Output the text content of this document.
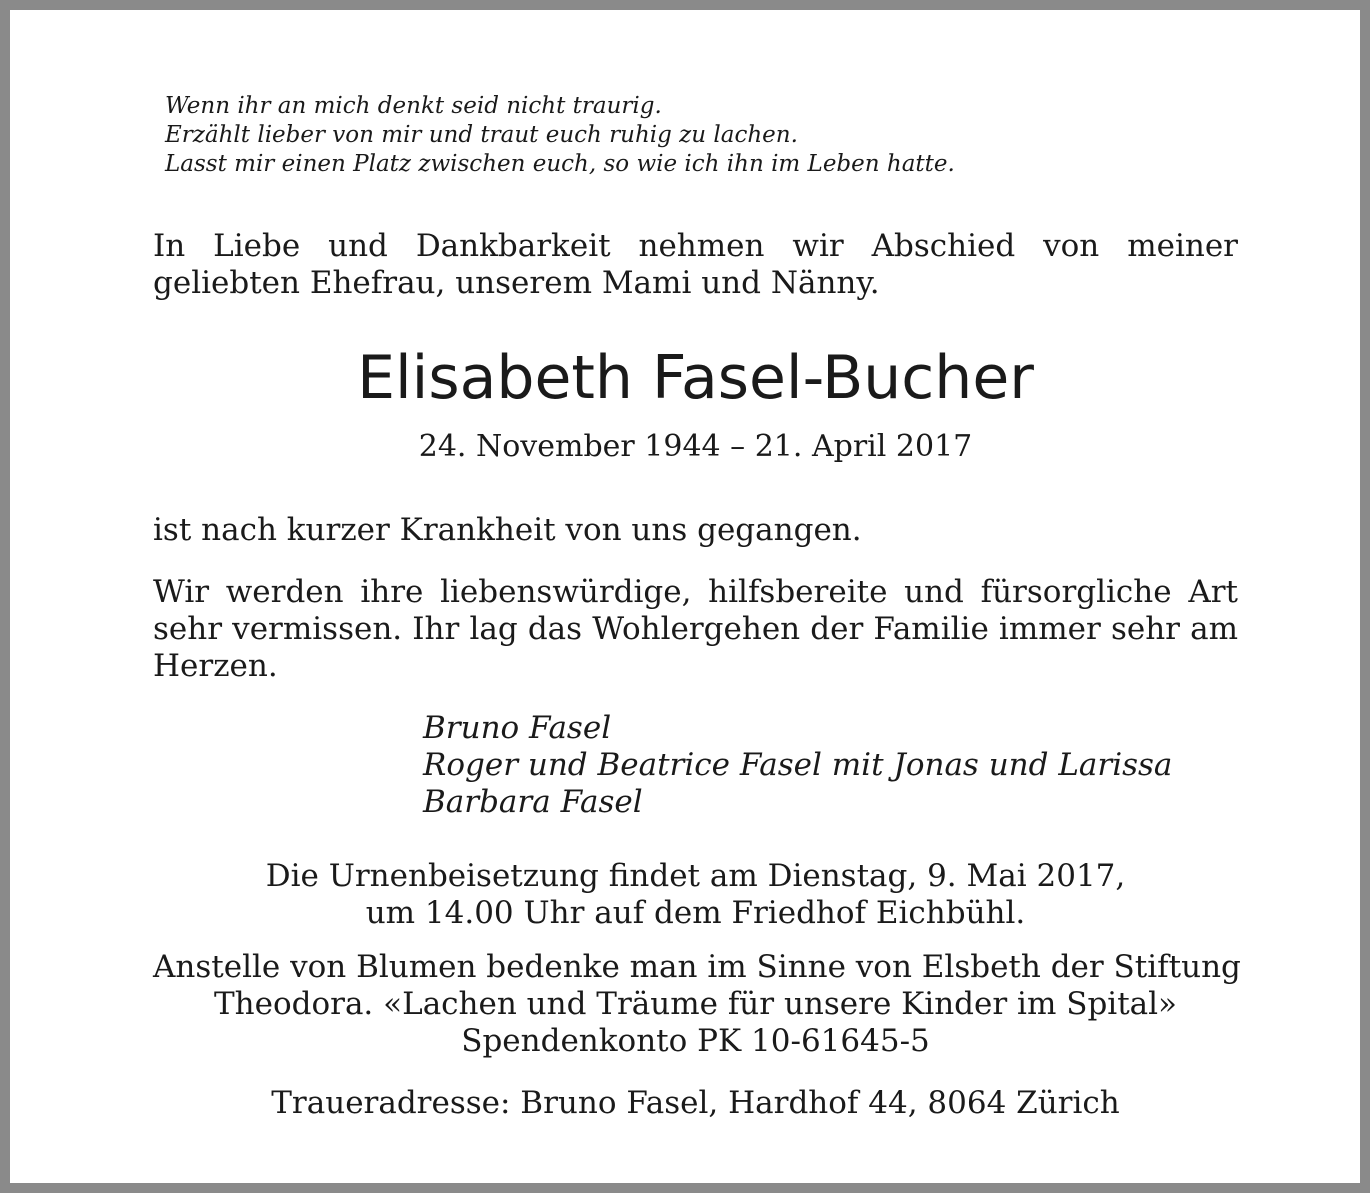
Wenn ihr an mich denkt seid nicht traurig.
Erzählt lieber von mir und traut euch ruhig zu lachen.
Lasst mir einen Platz zwischen euch, so wie ich ihn im Leben hatte.
In Liebe und Dankbarkeit nehmen wir Abschied von meiner geliebten Ehefrau, unserem Mami und Nänny.
Elisabeth Fasel-Bucher
24. November 1944 – 21. April 2017
ist nach kurzer Krankheit von uns gegangen.
Wir werden ihre liebenswürdige, hilfsbereite und fürsorgliche Art sehr vermissen. Ihr lag das Wohlergehen der Familie immer sehr am Herzen.
Bruno Fasel
Roger und Beatrice Fasel mit Jonas und Larissa
Barbara Fasel
Die Urnenbeisetzung findet am Dienstag, 9. Mai 2017,
um 14.00 Uhr auf dem Friedhof Eichbühl.
Anstelle von Blumen bedenke man im Sinne von Elsbeth der Stiftung
Theodora. «Lachen und Träume für unsere Kinder im Spital»
Spendenkonto PK 10-61645-5
Traueradresse: Bruno Fasel, Hardhof 44, 8064 Zürich
